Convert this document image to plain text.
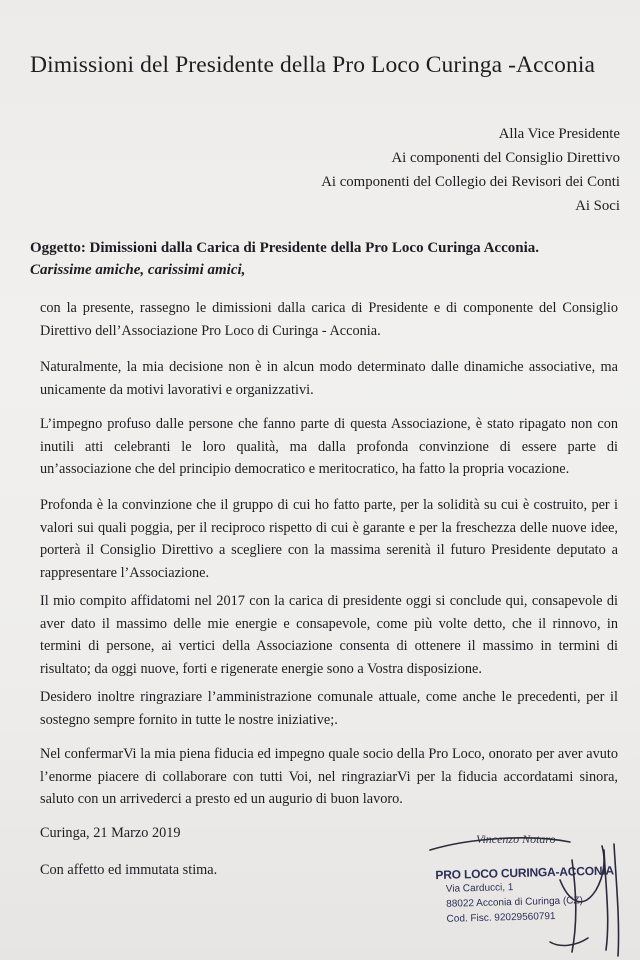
Dimissioni del Presidente della Pro Loco Curinga -Acconia
Alla Vice Presidente
Ai componenti del Consiglio Direttivo
Ai componenti del Collegio dei Revisori dei Conti
Ai Soci

Oggetto: Dimissioni dalla Carica di Presidente della Pro Loco Curinga Acconia.

Carissime amiche, carissimi amici,

con la presente, rassegno le dimissioni dalla carica di Presidente e di componente del Consiglio Direttivo dell’Associazione Pro Loco di Curinga - Acconia.

Naturalmente, la mia decisione non è in alcun modo determinato dalle dinamiche associative, ma unicamente da motivi lavorativi e organizzativi.

L’impegno profuso dalle persone che fanno parte di questa Associazione, è stato ripagato non con inutili atti celebranti le loro qualità, ma dalla profonda convinzione di essere parte di un’associazione che del principio democratico e meritocratico, ha fatto la propria vocazione.

Profonda è la convinzione che il gruppo di cui ho fatto parte, per la solidità su cui è costruito, per i valori sui quali poggia, per il reciproco rispetto di cui è garante e per la freschezza delle nuove idee, porterà il Consiglio Direttivo a scegliere con la massima serenità il futuro Presidente deputato a rappresentare l’Associazione.

Il mio compito affidatomi nel 2017 con la carica di presidente oggi si conclude qui, consapevole di aver dato il massimo delle mie energie e consapevole, come più volte detto, che il rinnovo, in termini di persone, ai vertici della Associazione consenta di ottenere il massimo in termini di risultato; da oggi nuove, forti e rigenerate energie sono a Vostra disposizione.

Desidero inoltre ringraziare l’amministrazione comunale attuale, come anche le precedenti, per il sostegno sempre fornito in tutte le nostre iniziative;.

Nel confermarVi la mia piena fiducia ed impegno quale socio della Pro Loco, onorato per aver avuto l’enorme piacere di collaborare con tutti Voi, nel ringraziarVi per la fiducia accordatami sinora, saluto con un arrivederci a presto ed un augurio di buon lavoro.

Curinga, 21 Marzo 2019

Con affetto ed immutata stima.

Vincenzo Notaro

PRO LOCO CURINGA-ACCONIA
Via Carducci, 1
88022 Acconia di Curinga (CZ)
Cod. Fisc. 92029560791
